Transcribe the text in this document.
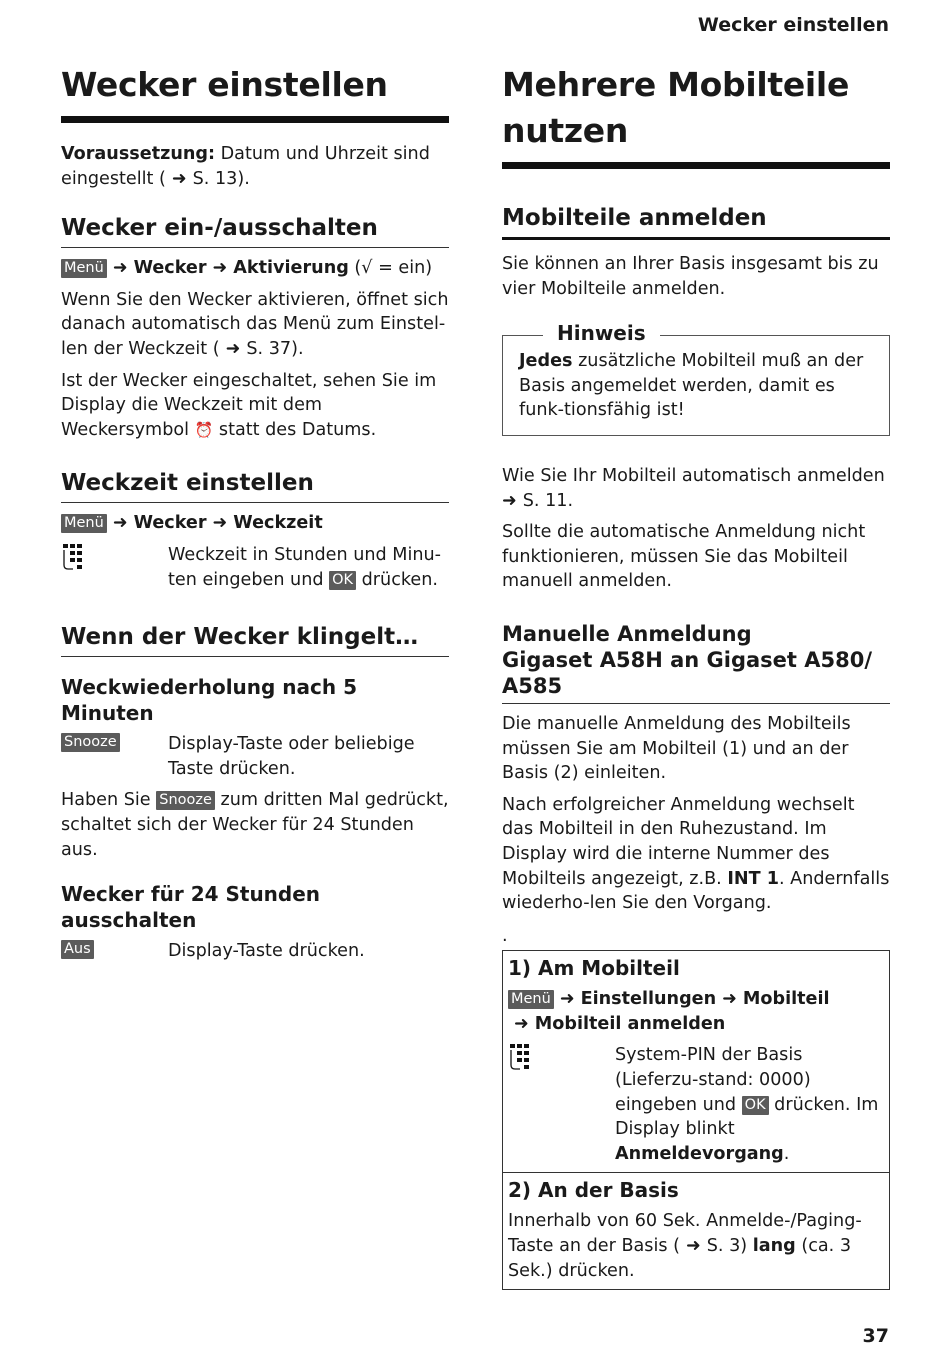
Wecker einstellen
37
Wecker einstellen

Voraussetzung: Datum und Uhrzeit sind eingestellt ( ➜ S. 13).

Wecker ein-/ausschalten
Menü ➜ Wecker ➜ Aktivierung (√ = ein)

Wenn Sie den Wecker aktivieren, öffnet sich danach automatisch das Menü zum Einstel-len der Weckzeit ( ➜ S. 37).

Ist der Wecker eingeschaltet, sehen Sie im Display die Weckzeit mit dem Weckersymbol ⏰ statt des Datums.

Weckzeit einstellen
Menü ➜ Wecker ➜ Weckzeit

Weckzeit in Stunden und Minu-ten eingeben und OK drücken.

Wenn der Wecker klingelt…
Weckwiederholung nach 5 Minuten
Snooze	Display-Taste oder beliebige Taste drücken.

Haben Sie Snooze zum dritten Mal gedrückt, schaltet sich der Wecker für 24 Stunden aus.

Wecker für 24 Stunden ausschalten
Aus	Display-Taste drücken.

Mehrere Mobilteile
nutzen
Mobilteile anmelden

Sie können an Ihrer Basis insgesamt bis zu vier Mobilteile anmelden.

Hinweis

Jedes zusätzliche Mobilteil muß an der Basis angemeldet werden, damit es funk-tionsfähig ist!

Wie Sie Ihr Mobilteil automatisch anmelden
➜ S. 11.

Sollte die automatische Anmeldung nicht funktionieren, müssen Sie das Mobilteil manuell anmelden.

Manuelle Anmeldung
Gigaset A58H an Gigaset A580/
A585

Die manuelle Anmeldung des Mobilteils müssen Sie am Mobilteil (1) und an der Basis (2) einleiten.

Nach erfolgreicher Anmeldung wechselt das Mobilteil in den Ruhezustand. Im Display wird die interne Nummer des Mobilteils angezeigt, z.B. INT 1. Andernfalls wiederho-len Sie den Vorgang.

.

1) Am Mobilteil
Menü ➜ Einstellungen ➜ Mobilteil
➜ Mobilteil anmelden

System-PIN der Basis (Lieferzu-stand: 0000) eingeben und OK drücken. Im Display blinkt Anmeldevorgang.

2) An der Basis

Innerhalb von 60 Sek. Anmelde-/Paging-Taste an der Basis ( ➜ S. 3) lang (ca. 3 Sek.) drücken.
